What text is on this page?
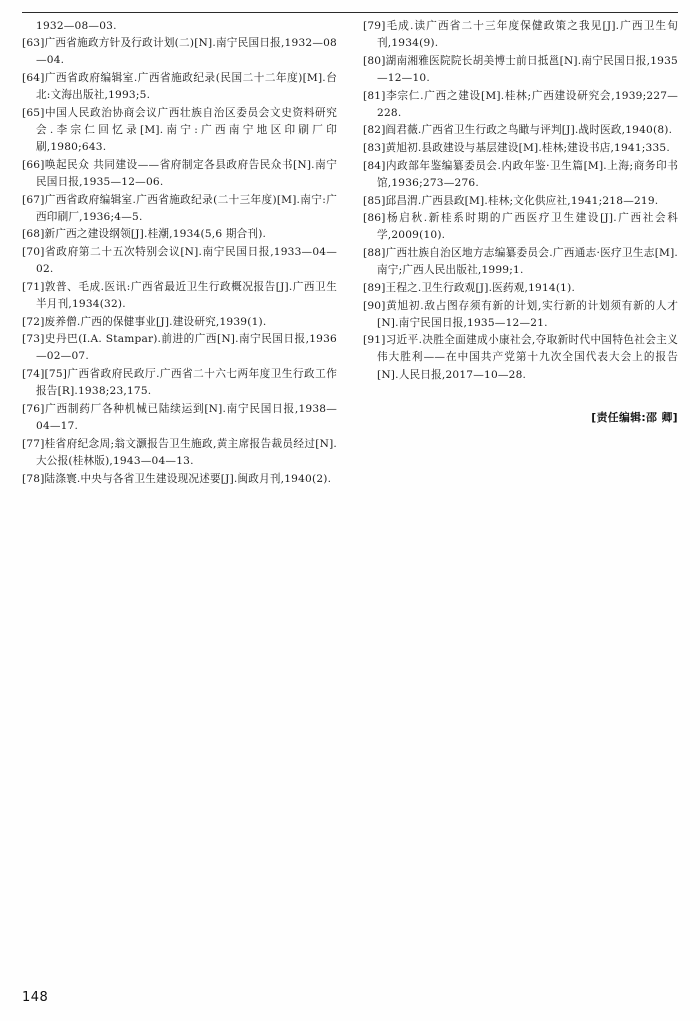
1932—08—03.
[63]广西省施政方针及行政计划(二)[N].南宁民国日报,1932—08—04.
[64]广西省政府编辑室.广西省施政纪录(民国二十二年度)[M].台北:文海出版社,1993;5.
[65]中国人民政治协商会议广西壮族自治区委员会文史资料研究会.李宗仁回忆录[M].南宁:广西南宁地区印刷厂印刷,1980;643.
[66]唤起民众 共同建设——省府制定各县政府告民众书[N].南宁民国日报,1935—12—06.
[67]广西省政府编辑室.广西省施政纪录(二十三年度)[M].南宁:广西印刷厂,1936;4—5.
[68]新广西之建设纲领[J].桂潮,1934(5,6 期合刊).
[70]省政府第二十五次特别会议[N].南宁民国日报,1933—04—02.
[71]敦普、毛成.医讯:广西省最近卫生行政概况报告[J].广西卫生半月刊,1934(32).
[72]废养僧.广西的保健事业[J].建设研究,1939(1).
[73]史丹巴(I.A. Stampar).前进的广西[N].南宁民国日报,1936—02—07.
[74][75]广西省政府民政厅.广西省二十六七两年度卫生行政工作报告[R].1938;23,175.
[76]广西制药厂各种机械已陆续运到[N].南宁民国日报,1938—04—17.
[77]桂省府纪念周;翁文灏报告卫生施政,黄主席报告裁员经过[N].大公报(桂林版),1943—04—13.
[78]陆涤寰.中央与各省卫生建设现况述要[J].闽政月刊,1940(2).
[79]毛成.读广西省二十三年度保健政策之我见[J].广西卫生旬刊,1934(9).
[80]湖南湘雅医院院长胡美博士前日抵邕[N].南宁民国日报,1935—12—10.
[81]李宗仁.广西之建设[M].桂林;广西建设研究会,1939;227—228.
[82]阎君薇.广西省卫生行政之鸟瞰与评判[J].战时医政,1940(8).
[83]黄旭初.县政建设与基层建设[M].桂林;建设书店,1941;335.
[84]内政部年鉴编纂委员会.内政年鉴·卫生篇[M].上海;商务印书馆,1936;273—276.
[85]邱昌渭.广西县政[M].桂林;文化供应社,1941;218—219.
[86]杨启秋.新桂系时期的广西医疗卫生建设[J].广西社会科学,2009(10).
[88]广西壮族自治区地方志编纂委员会.广西通志·医疗卫生志[M].南宁;广西人民出版社,1999;1.
[89]王程之.卫生行政观[J].医药观,1914(1).
[90]黄旭初.敌占图存须有新的计划,实行新的计划须有新的人才[N].南宁民国日报,1935—12—21.
[91]习近平.决胜全面建成小康社会,夺取新时代中国特色社会主义伟大胜利——在中国共产党第十九次全国代表大会上的报告[N].人民日报,2017—10—28.
[责任编辑:邵 卿]
148
